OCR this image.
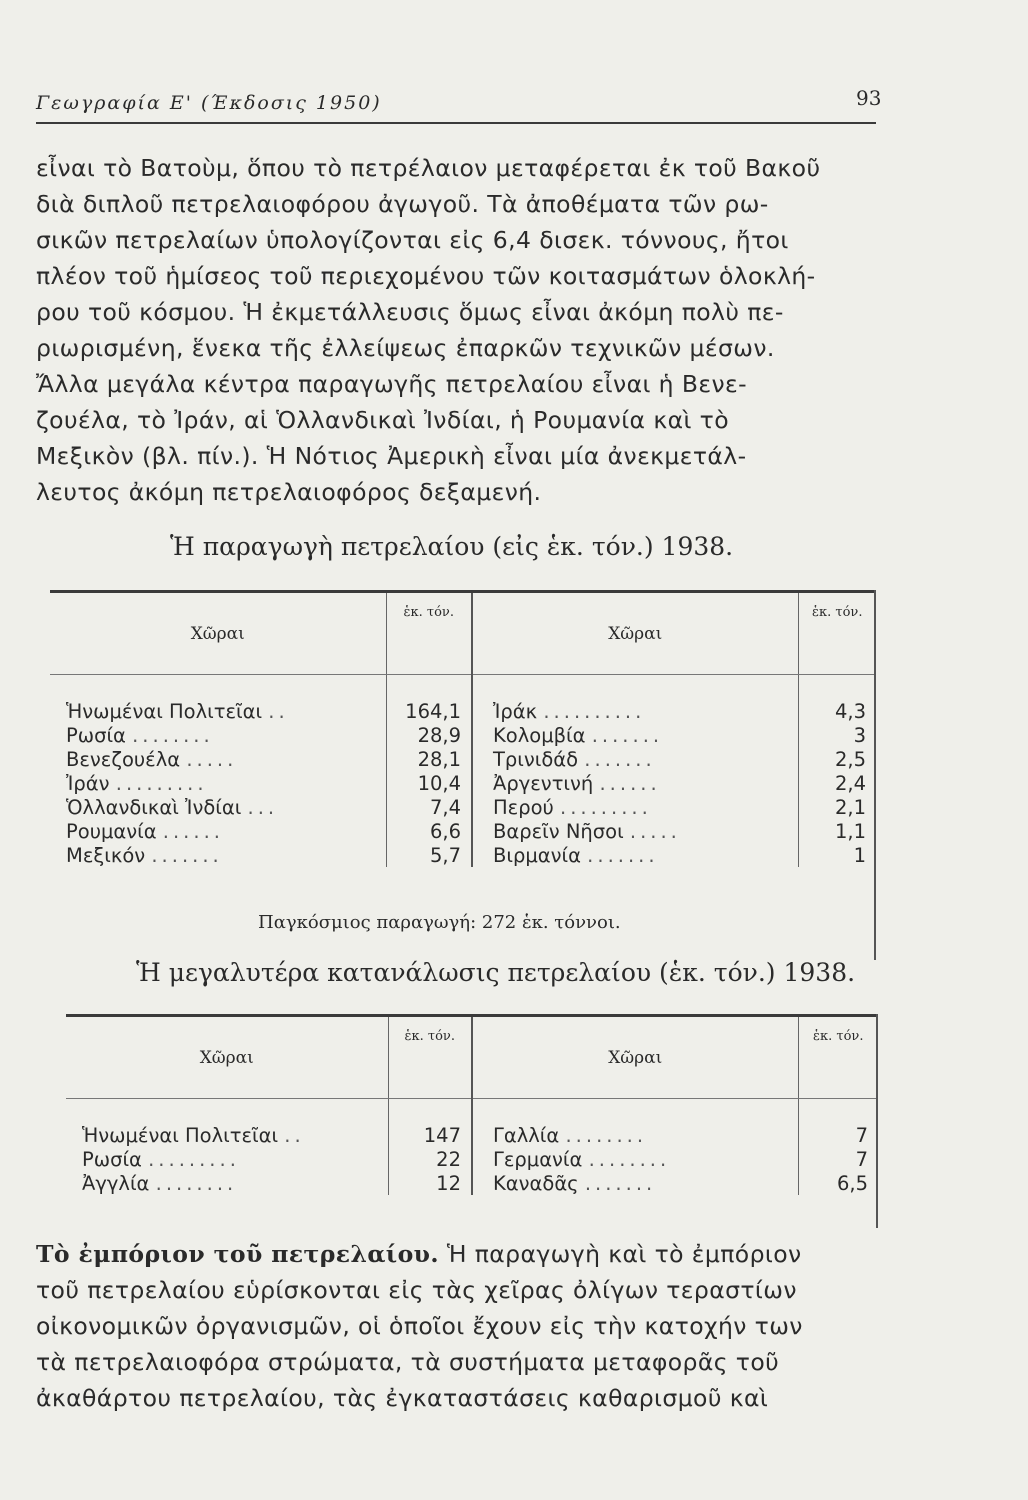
Γεωγραφία Ε' (Έκδοσις 1950)	93
εἶναι τὸ Βατοὺμ, ὅπου τὸ πετρέλαιον μεταφέρεται ἐκ τοῦ Βακοῦ
διὰ διπλοῦ πετρελαιοφόρου ἀγωγοῦ. Τὰ ἀποθέματα τῶν ρω-
σικῶν πετρελαίων ὑπολογίζονται εἰς 6,4 δισεκ. τόννους, ἤτοι
πλέον τοῦ ἡμίσεος τοῦ περιεχομένου τῶν κοιτασμάτων ὁλοκλή-
ρου τοῦ κόσμου. Ἡ ἐκμετάλλευσις ὅμως εἶναι ἀκόμη πολὺ πε-
ριωρισμένη, ἕνεκα τῆς ἐλλείψεως ἐπαρκῶν τεχνικῶν μέσων.
Ἄλλα μεγάλα κέντρα παραγωγῆς πετρελαίου εἶναι ἡ Βενε-
ζουέλα, τὸ Ἰράν, αἱ Ὁλλανδικαὶ Ἰνδίαι, ἡ Ρουμανία καὶ τὸ
Μεξικὸν (βλ. πίν.). Ἡ Νότιος Ἀμερικὴ εἶναι μία ἀνεκμετάλ-
λευτος ἀκόμη πετρελαιοφόρος δεξαμενή.
Ἡ παραγωγὴ πετρελαίου (εἰς ἑκ. τόν.) 1938.
Χῶραι	ἑκ. τόν.	Χῶραι	ἑκ. τόν.

Ἡνωμέναι Πολιτεῖαι ..	164,1	Ἰράκ ..........	4,3
Ρωσία ........	28,9	Κολομβία .......	3
Βενεζουέλα .....	28,1	Τρινιδάδ .......	2,5
Ἰράν .........	10,4	Ἀργεντινή ......	2,4
Ὁλλανδικαὶ Ἰνδίαι ...	7,4	Περού .........	2,1
Ρουμανία ......	6,6	Βαρεῖν Νῆσοι .....	1,1
Μεξικόν .......	5,7	Βιρμανία .......	1
Παγκόσμιος παραγωγή: 272 ἑκ. τόννοι.
Ἡ μεγαλυτέρα κατανάλωσις πετρελαίου (ἑκ. τόν.) 1938.
Χῶραι	ἑκ. τόν.	Χῶραι	ἑκ. τόν.

Ἡνωμέναι Πολιτεῖαι ..	147	Γαλλία ........	7
Ρωσία .........	22	Γερμανία ........	7
Ἀγγλία ........	12	Καναδᾶς .......	6,5
Τὸ ἐμπόριον τοῦ πετρελαίου. Ἡ παραγωγὴ καὶ τὸ ἐμπόριον
τοῦ πετρελαίου εὑρίσκονται εἰς τὰς χεῖρας ὀλίγων τεραστίων
οἰκονομικῶν ὀργανισμῶν, οἱ ὁποῖοι ἔχουν εἰς τὴν κατοχήν των
τὰ πετρελαιοφόρα στρώματα, τὰ συστήματα μεταφορᾶς τοῦ
ἀκαθάρτου πετρελαίου, τὰς ἐγκαταστάσεις καθαρισμοῦ καὶ
